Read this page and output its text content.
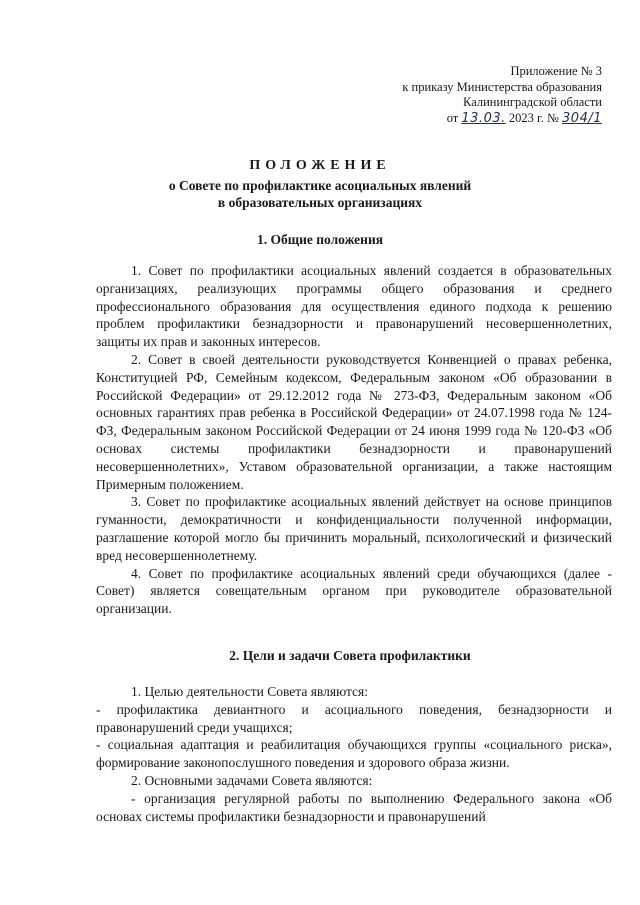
Приложение № 3
к приказу Министерства образования
Калининградской области
от 13.03. 2023 г. № 304/1
ПОЛОЖЕНИЕ
о Совете по профилактике асоциальных явлений
в образовательных организациях
1. Общие положения

1. Совет по профилактики асоциальных явлений создается в образовательных организациях, реализующих программы общего образования и среднего профессионального образования для осуществления единого подхода к решению проблем профилактики безнадзорности и правонарушений несовершеннолетних, защиты их прав и законных интересов.

2. Совет в своей деятельности руководствуется Конвенцией о правах ребенка, Конституцией РФ, Семейным кодексом, Федеральным законом «Об образовании в Российской Федерации» от 29.12.2012 года № 273-ФЗ, Федеральным законом «Об основных гарантиях прав ребенка в Российской Федерации» от 24.07.1998 года № 124-ФЗ, Федеральным законом Российской Федерации от 24 июня 1999 года № 120-ФЗ «Об основах системы профилактики безнадзорности и правонарушений несовершеннолетних», Уставом образовательной организации, а также настоящим Примерным положением.

3. Совет по профилактике асоциальных явлений действует на основе принципов гуманности, демократичности и конфиденциальности полученной информации, разглашение которой могло бы причинить моральный, психологический и физический вред несовершеннолетнему.

4. Совет по профилактике асоциальных явлений среди обучающихся (далее - Совет) является совещательным органом при руководителе образовательной организации.

2. Цели и задачи Совета профилактики

1. Целью деятельности Совета являются:

- профилактика девиантного и асоциального поведения, безнадзорности и правонарушений среди учащихся;

- социальная адаптация и реабилитация обучающихся группы «социального риска», формирование законопослушного поведения и здорового образа жизни.

2. Основными задачами Совета являются:

- организация регулярной работы по выполнению Федерального закона «Об основах системы профилактики безнадзорности и правонарушений
